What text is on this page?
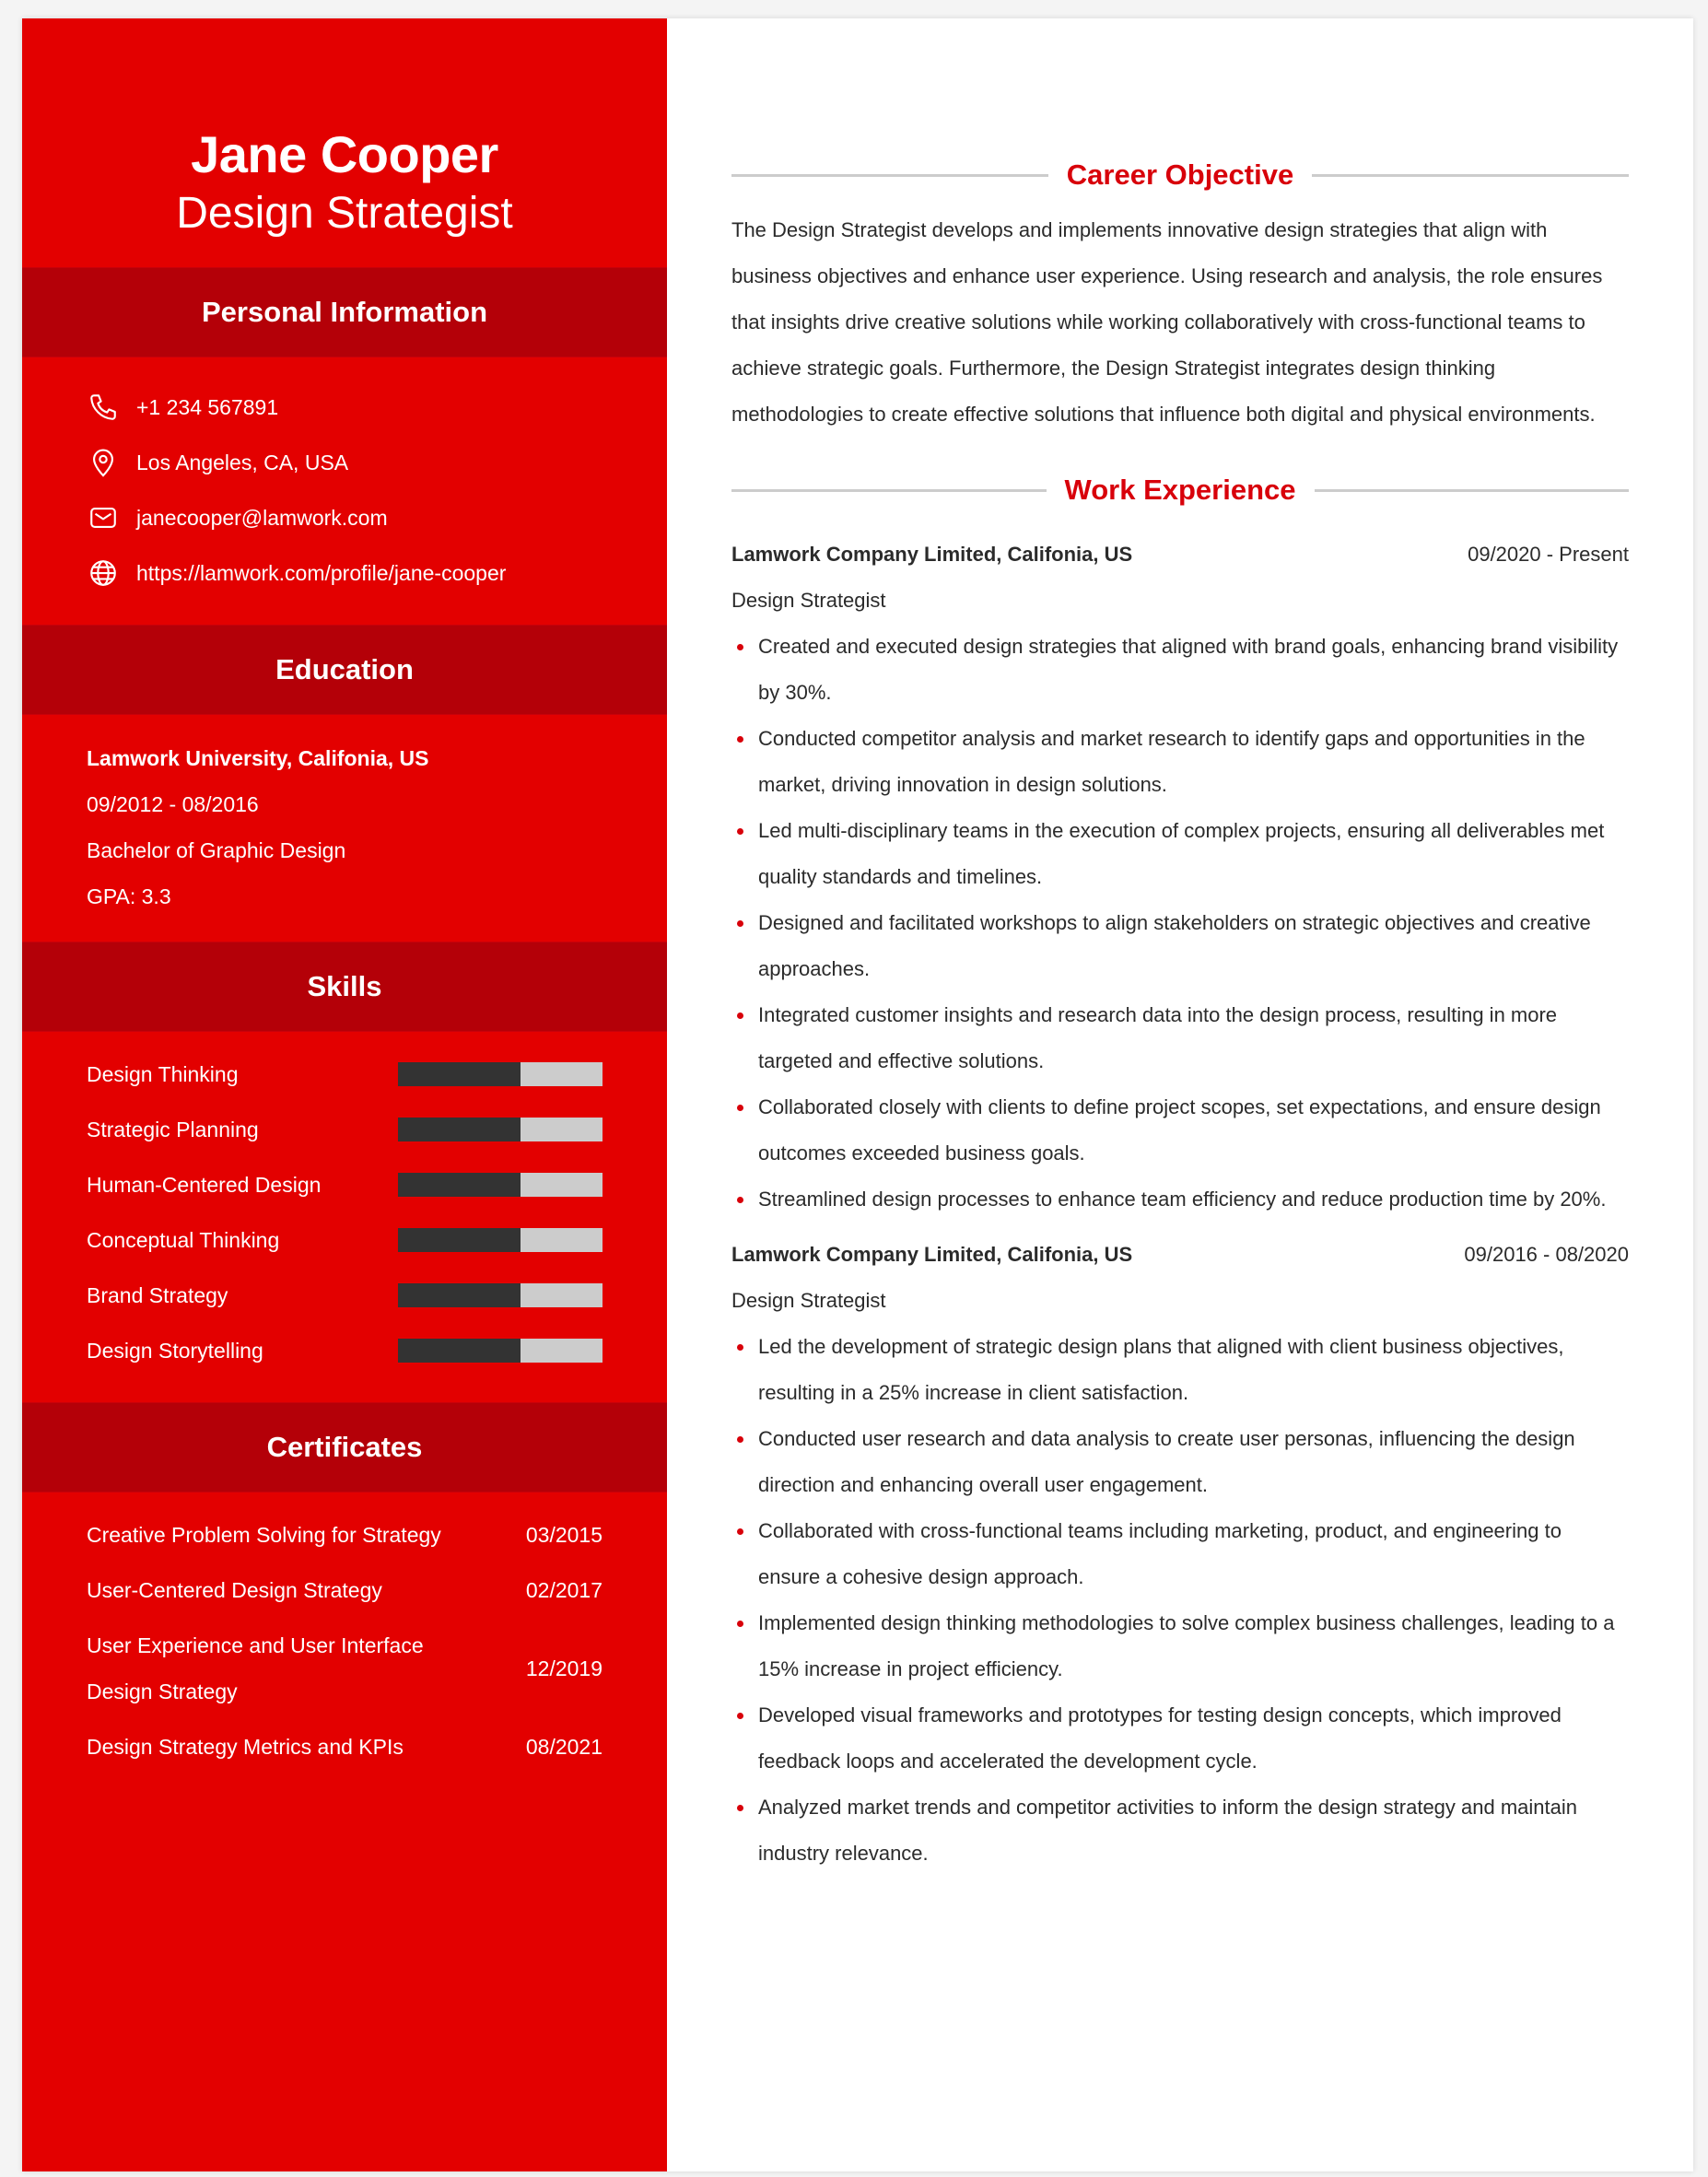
Jane Cooper
Design Strategist
Personal Information
+1 234 567891
Los Angeles, CA, USA
janecooper@lamwork.com
https://lamwork.com/profile/jane-cooper
Education
Lamwork University, Califonia, US
09/2012 - 08/2016
Bachelor of Graphic Design
GPA: 3.3
Skills
Design Thinking
Strategic Planning
Human-Centered Design
Conceptual Thinking
Brand Strategy
Design Storytelling
Certificates
Creative Problem Solving for Strategy	03/2015
User-Centered Design Strategy	02/2017
User Experience and User Interface Design Strategy
12/2019
Design Strategy Metrics and KPIs	08/2021
Career Objective

The Design Strategist develops and implements innovative design strategies that align with business objectives and enhance user experience. Using research and analysis, the role ensures that insights drive creative solutions while working collaboratively with cross-functional teams to achieve strategic goals. Furthermore, the Design Strategist integrates design thinking methodologies to create effective solutions that influence both digital and physical environments.

Work Experience
Lamwork Company Limited, Califonia, US	09/2020 - Present
Design Strategist
Created and executed design strategies that aligned with brand goals, enhancing brand visibility by 30%.
Conducted competitor analysis and market research to identify gaps and opportunities in the market, driving innovation in design solutions.
Led multi-disciplinary teams in the execution of complex projects, ensuring all deliverables met quality standards and timelines.
Designed and facilitated workshops to align stakeholders on strategic objectives and creative approaches.
Integrated customer insights and research data into the design process, resulting in more targeted and effective solutions.
Collaborated closely with clients to define project scopes, set expectations, and ensure design outcomes exceeded business goals.
Streamlined design processes to enhance team efficiency and reduce production time by 20%.
Lamwork Company Limited, Califonia, US	09/2016 - 08/2020
Design Strategist
Led the development of strategic design plans that aligned with client business objectives, resulting in a 25% increase in client satisfaction.
Conducted user research and data analysis to create user personas, influencing the design direction and enhancing overall user engagement.
Collaborated with cross-functional teams including marketing, product, and engineering to ensure a cohesive design approach.
Implemented design thinking methodologies to solve complex business challenges, leading to a 15% increase in project efficiency.
Developed visual frameworks and prototypes for testing design concepts, which improved feedback loops and accelerated the development cycle.
Analyzed market trends and competitor activities to inform the design strategy and maintain industry relevance.
